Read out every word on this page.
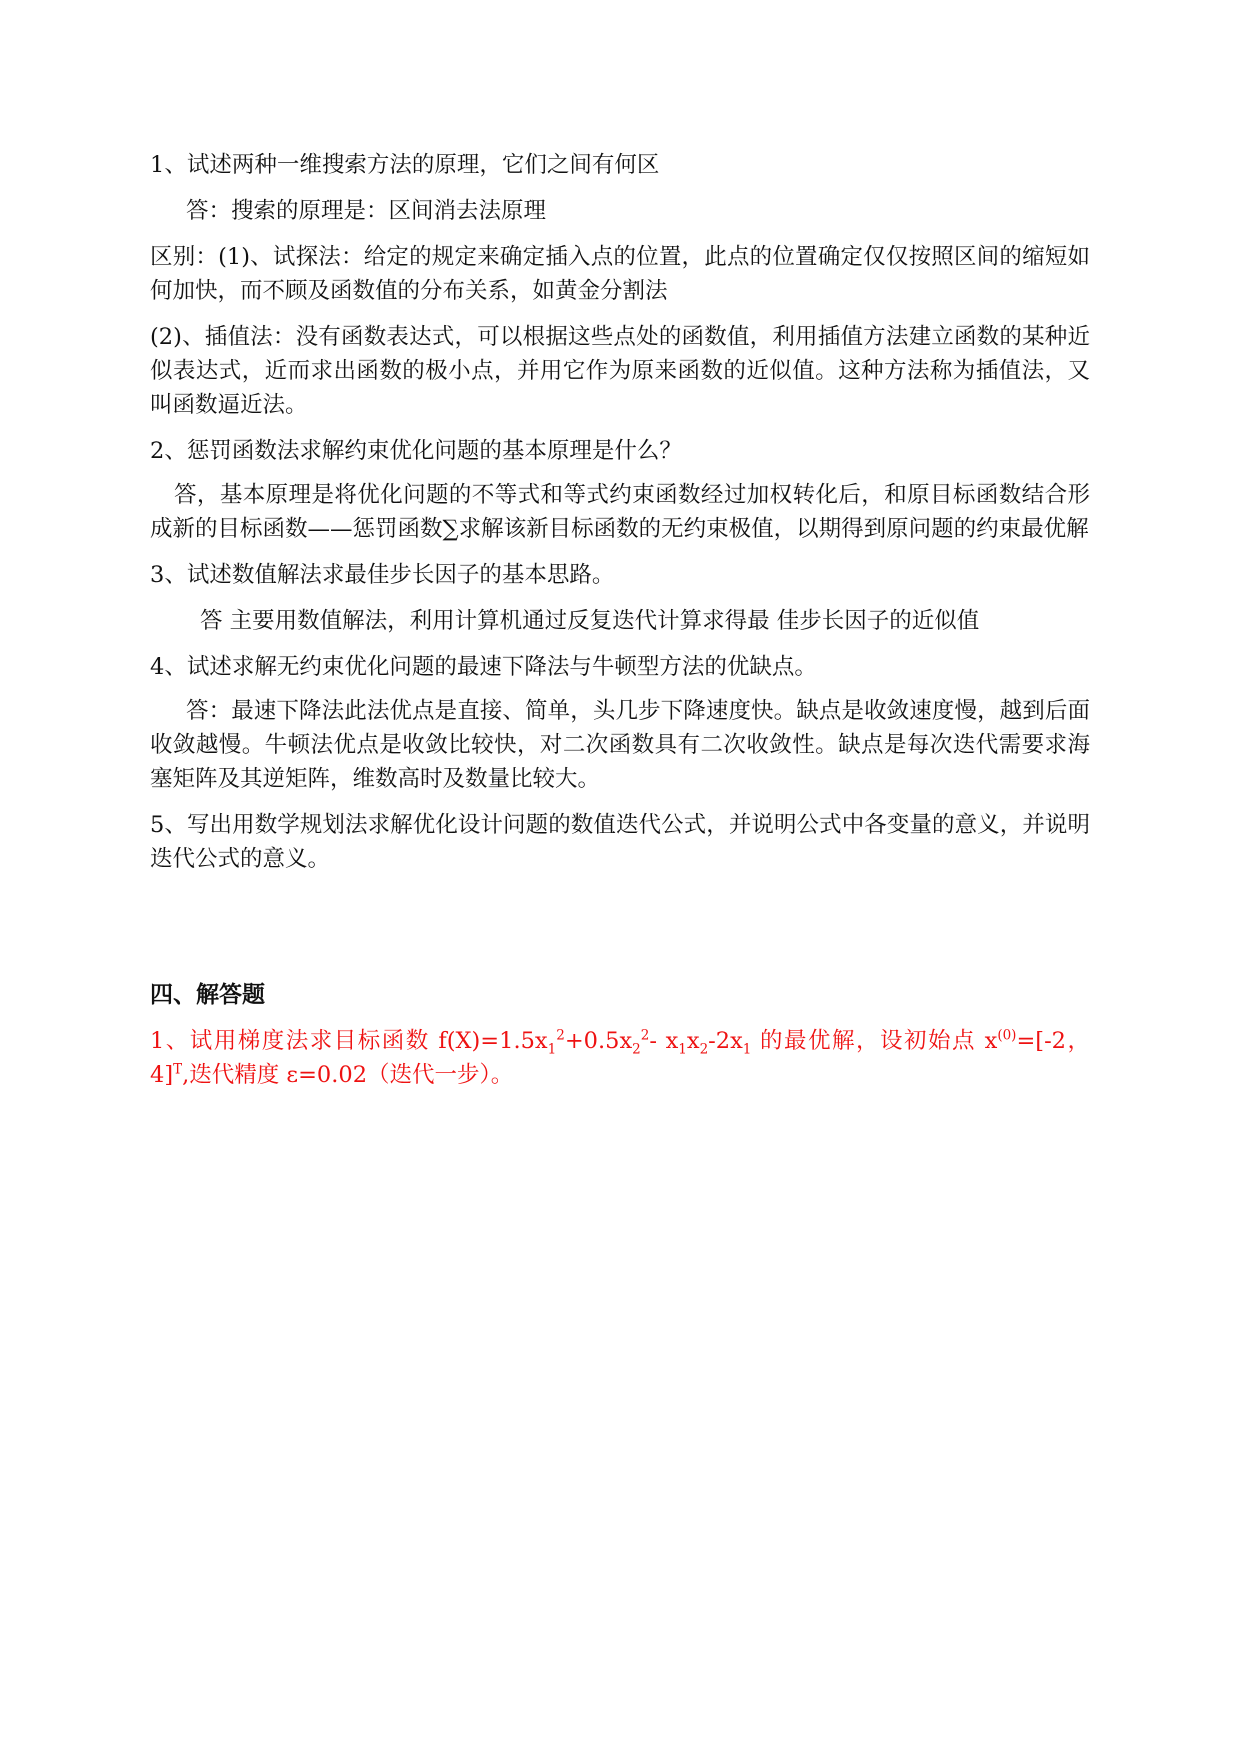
1、试述两种一维搜索方法的原理，它们之间有何区

答：搜索的原理是：区间消去法原理

区别：(1)、试探法：给定的规定来确定插入点的位置，此点的位置确定仅仅按照区间的缩短如何加快，而不顾及函数值的分布关系，如黄金分割法

(2)、插值法：没有函数表达式，可以根据这些点处的函数值，利用插值方法建立函数的某种近似表达式，近而求出函数的极小点，并用它作为原来函数的近似值。这种方法称为插值法，又叫函数逼近法。

2、惩罚函数法求解约束优化问题的基本原理是什么？

答，基本原理是将优化问题的不等式和等式约束函数经过加权转化后，和原目标函数结合形成新的目标函数——惩罚函数∑求解该新目标函数的无约束极值，以期得到原问题的约束最优解

3、试述数值解法求最佳步长因子的基本思路。

答 主要用数值解法，利用计算机通过反复迭代计算求得最 佳步长因子的近似值

4、试述求解无约束优化问题的最速下降法与牛顿型方法的优缺点。

答：最速下降法此法优点是直接、简单，头几步下降速度快。缺点是收敛速度慢，越到后面收敛越慢。牛顿法优点是收敛比较快，对二次函数具有二次收敛性。缺点是每次迭代需要求海塞矩阵及其逆矩阵，维数高时及数量比较大。

5、写出用数学规划法求解优化设计问题的数值迭代公式，并说明公式中各变量的意义，并说明迭代公式的意义。

四、解答题

1、试用梯度法求目标函数 $f(X)=1.5x_1^2+0.5x_2^2-$ $x_1x_2-2x_1$ 的最优解，设初始点 $x^{(0)}=[-2$，4]$^T$,迭代精度 ε=0.02（迭代一步）。
